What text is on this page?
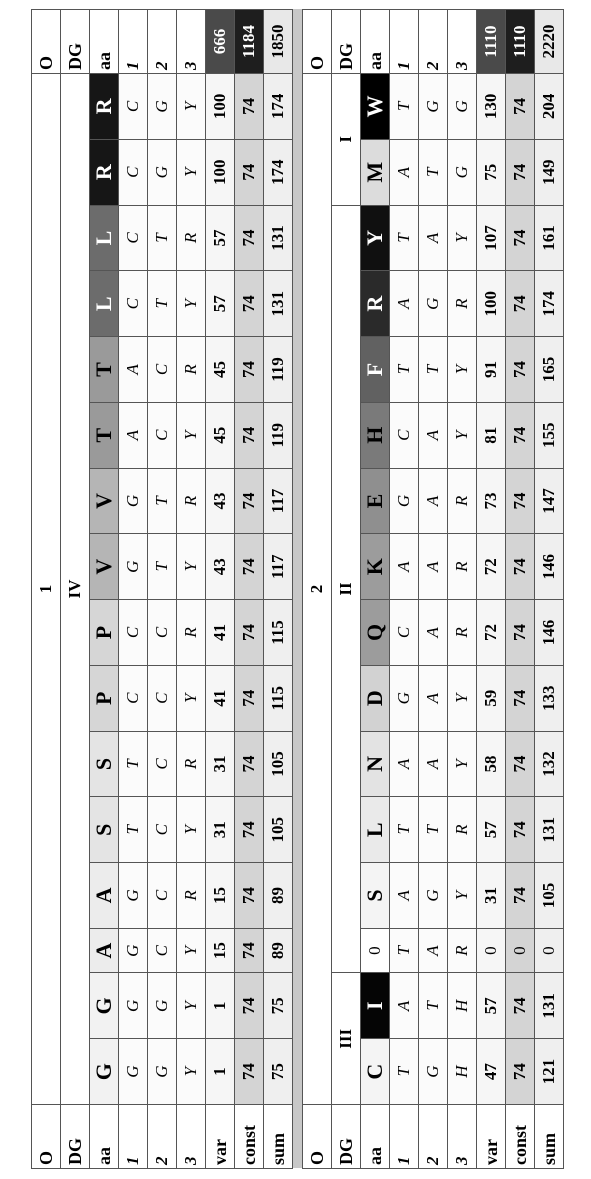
O	1																O
DG	IV																DG
aa	G	G	A	A	S	S	P	P	V	V	T	T	L	L	R	R	aa
1	G	G	G	G	T	T	C	C	G	G	A	A	C	C	C	C	1
2	G	G	C	C	C	C	C	C	T	T	C	C	T	T	G	G	2
3	Y	Y	Y	R	Y	R	Y	R	Y	R	Y	R	Y	R	Y	Y	3
var	1	1	15	15	31	31	41	41	43	43	45	45	57	57	100	100	666
const	74	74	74	74	74	74	74	74	74	74	74	74	74	74	74	74	1184
sum	75	75	89	89	105	105	115	115	117	117	119	119	131	131	174	174	1850

O	2																O
DG	III		II												I		DG
aa	C	I	0	S	L	N	D	Q	K	E	H	F	R	Y	M	W	aa
1	T	A	T	A	T	A	G	C	A	G	C	T	A	T	A	T	1
2	G	T	A	G	T	A	A	A	A	A	A	T	G	A	T	G	2
3	H	H	R	Y	R	Y	Y	R	R	R	Y	Y	R	Y	G	G	3
var	47	57	0	31	57	58	59	72	72	73	81	91	100	107	75	130	1110
const	74	74	0	74	74	74	74	74	74	74	74	74	74	74	74	74	1110
sum	121	131	0	105	131	132	133	146	146	147	155	165	174	161	149	204	2220
